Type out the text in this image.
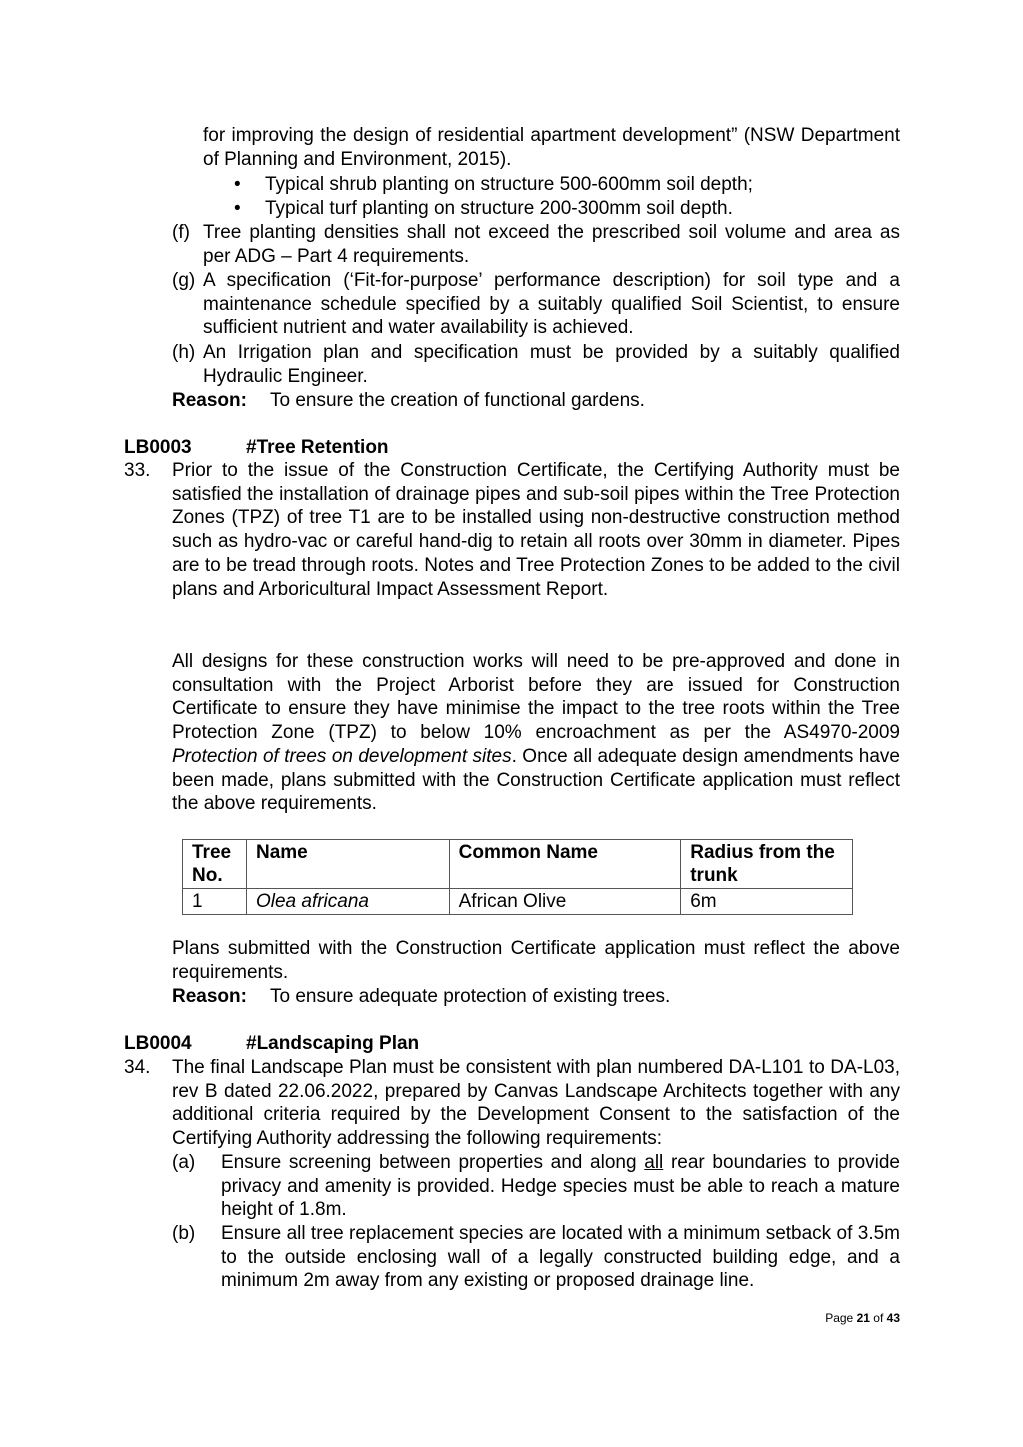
for improving the design of residential apartment development” (NSW Department of Planning and Environment, 2015).
• Typical shrub planting on structure 500-600mm soil depth;
• Typical turf planting on structure 200-300mm soil depth.
(f) Tree planting densities shall not exceed the prescribed soil volume and area as per ADG – Part 4 requirements.
(g) A specification (‘Fit-for-purpose’ performance description) for soil type and a maintenance schedule specified by a suitably qualified Soil Scientist, to ensure sufficient nutrient and water availability is achieved.
(h) An Irrigation plan and specification must be provided by a suitably qualified Hydraulic Engineer.
Reason: To ensure the creation of functional gardens.
LB0003	#Tree Retention
33. Prior to the issue of the Construction Certificate, the Certifying Authority must be satisfied the installation of drainage pipes and sub-soil pipes within the Tree Protection Zones (TPZ) of tree T1 are to be installed using non-destructive construction method such as hydro-vac or careful hand-dig to retain all roots over 30mm in diameter. Pipes are to be tread through roots. Notes and Tree Protection Zones to be added to the civil plans and Arboricultural Impact Assessment Report.
All designs for these construction works will need to be pre-approved and done in consultation with the Project Arborist before they are issued for Construction Certificate to ensure they have minimise the impact to the tree roots within the Tree Protection Zone (TPZ) to below 10% encroachment as per the AS4970-2009 Protection of trees on development sites. Once all adequate design amendments have been made, plans submitted with the Construction Certificate application must reflect the above requirements.
Tree No.	Name	Common Name	Radius from the trunk
1	Olea africana	African Olive	6m
Plans submitted with the Construction Certificate application must reflect the above requirements.
Reason: To ensure adequate protection of existing trees.
LB0004	#Landscaping Plan
34. The final Landscape Plan must be consistent with plan numbered DA-L101 to DA-L03, rev B dated 22.06.2022, prepared by Canvas Landscape Architects together with any additional criteria required by the Development Consent to the satisfaction of the Certifying Authority addressing the following requirements:
(a) Ensure screening between properties and along all rear boundaries to provide privacy and amenity is provided. Hedge species must be able to reach a mature height of 1.8m.
(b) Ensure all tree replacement species are located with a minimum setback of 3.5m to the outside enclosing wall of a legally constructed building edge, and a minimum 2m away from any existing or proposed drainage line.
Page 21 of 43
